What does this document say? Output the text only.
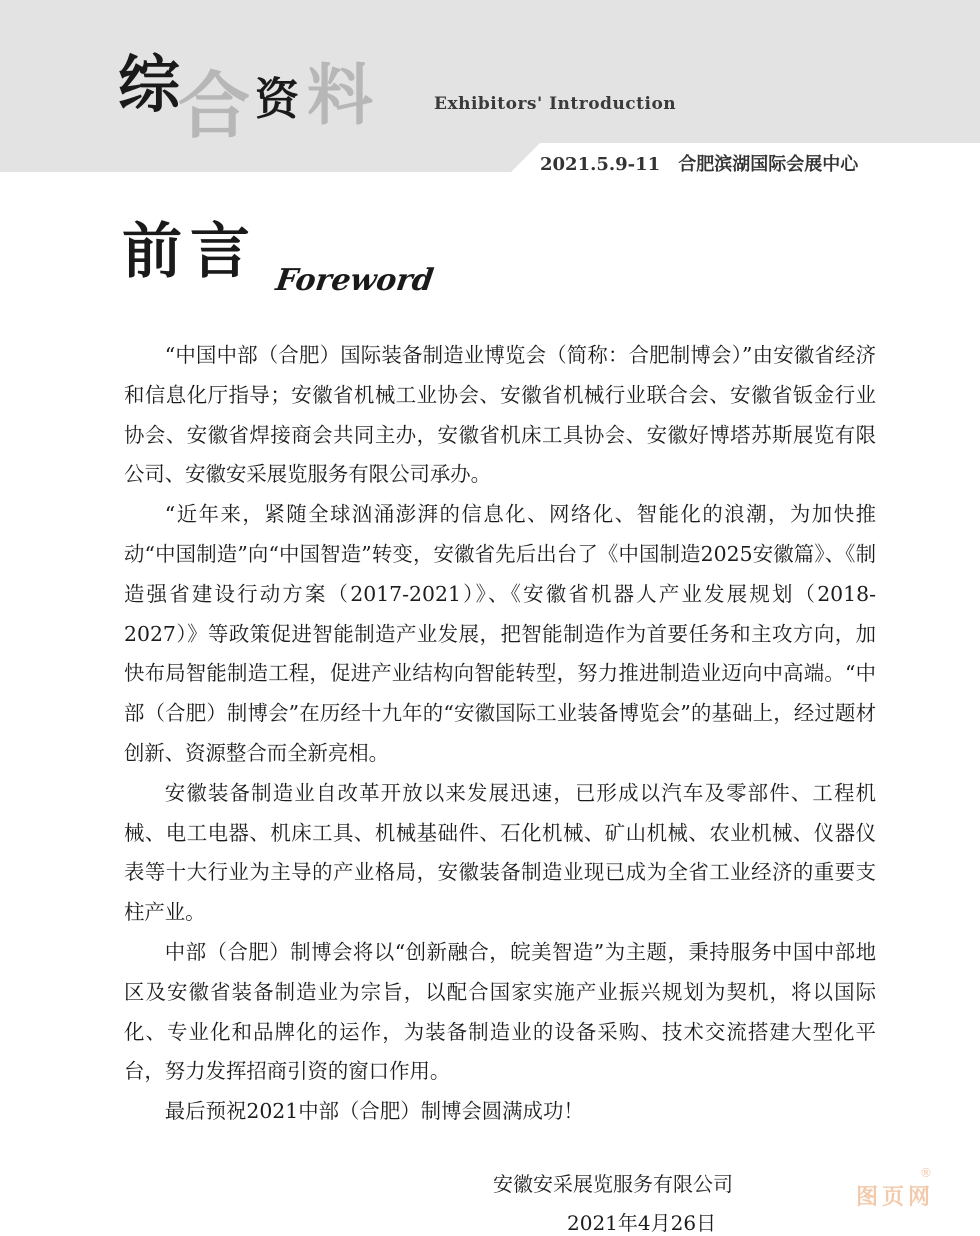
综
合 资 料	Exhibitors' Introduction
2021.5.9-11 合肥滨湖国际会展中心
前言 Foreword

“中国中部（合肥）国际装备制造业博览会（简称：合肥制博会）”由安徽省经济和信息化厅指导；安徽省机械工业协会、安徽省机械行业联合会、安徽省钣金行业协会、安徽省焊接商会共同主办，安徽省机床工具协会、安徽好博塔苏斯展览有限公司、安徽安采展览服务有限公司承办。

“近年来，紧随全球汹涌澎湃的信息化、网络化、智能化的浪潮，为加快推动“中国制造”向“中国智造”转变，安徽省先后出台了《中国制造2025安徽篇》、《制造强省建设行动方案（2017-2021）》、《安徽省机器人产业发展规划（2018-2027）》等政策促进智能制造产业发展，把智能制造作为首要任务和主攻方向，加快布局智能制造工程，促进产业结构向智能转型，努力推进制造业迈向中高端。“中部（合肥）制博会”在历经十九年的“安徽国际工业装备博览会”的基础上，经过题材创新、资源整合而全新亮相。

安徽装备制造业自改革开放以来发展迅速，已形成以汽车及零部件、工程机械、电工电器、机床工具、机械基础件、石化机械、矿山机械、农业机械、仪器仪表等十大行业为主导的产业格局，安徽装备制造业现已成为全省工业经济的重要支柱产业。

中部（合肥）制博会将以“创新融合，皖美智造”为主题，秉持服务中国中部地区及安徽省装备制造业为宗旨，以配合国家实施产业振兴规划为契机，将以国际化、专业化和品牌化的运作，为装备制造业的设备采购、技术交流搭建大型化平台，努力发挥招商引资的窗口作用。

最后预祝2021中部（合肥）制博会圆满成功！

安徽安采展览服务有限公司
2021年4月26日
图页网
®
